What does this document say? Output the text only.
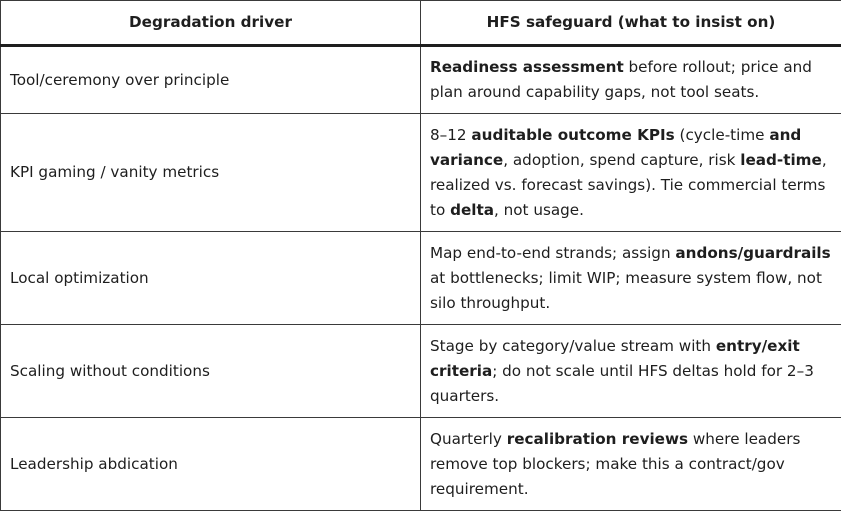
Degradation driver	HFS safeguard (what to insist on)
Tool/ceremony over principle	Readiness assessment before rollout; price and plan around capability gaps, not tool seats.
KPI gaming / vanity metrics	8–12 auditable outcome KPIs (cycle-time and variance, adoption, spend capture, risk lead-time, realized vs. forecast savings). Tie commercial terms to delta, not usage.
Local optimization	Map end-to-end strands; assign andons/guardrails at bottlenecks; limit WIP; measure system flow, not silo throughput.
Scaling without conditions	Stage by category/value stream with entry/exit criteria; do not scale until HFS deltas hold for 2–3 quarters.
Leadership abdication	Quarterly recalibration reviews where leaders remove top blockers; make this a contract/gov requirement.
